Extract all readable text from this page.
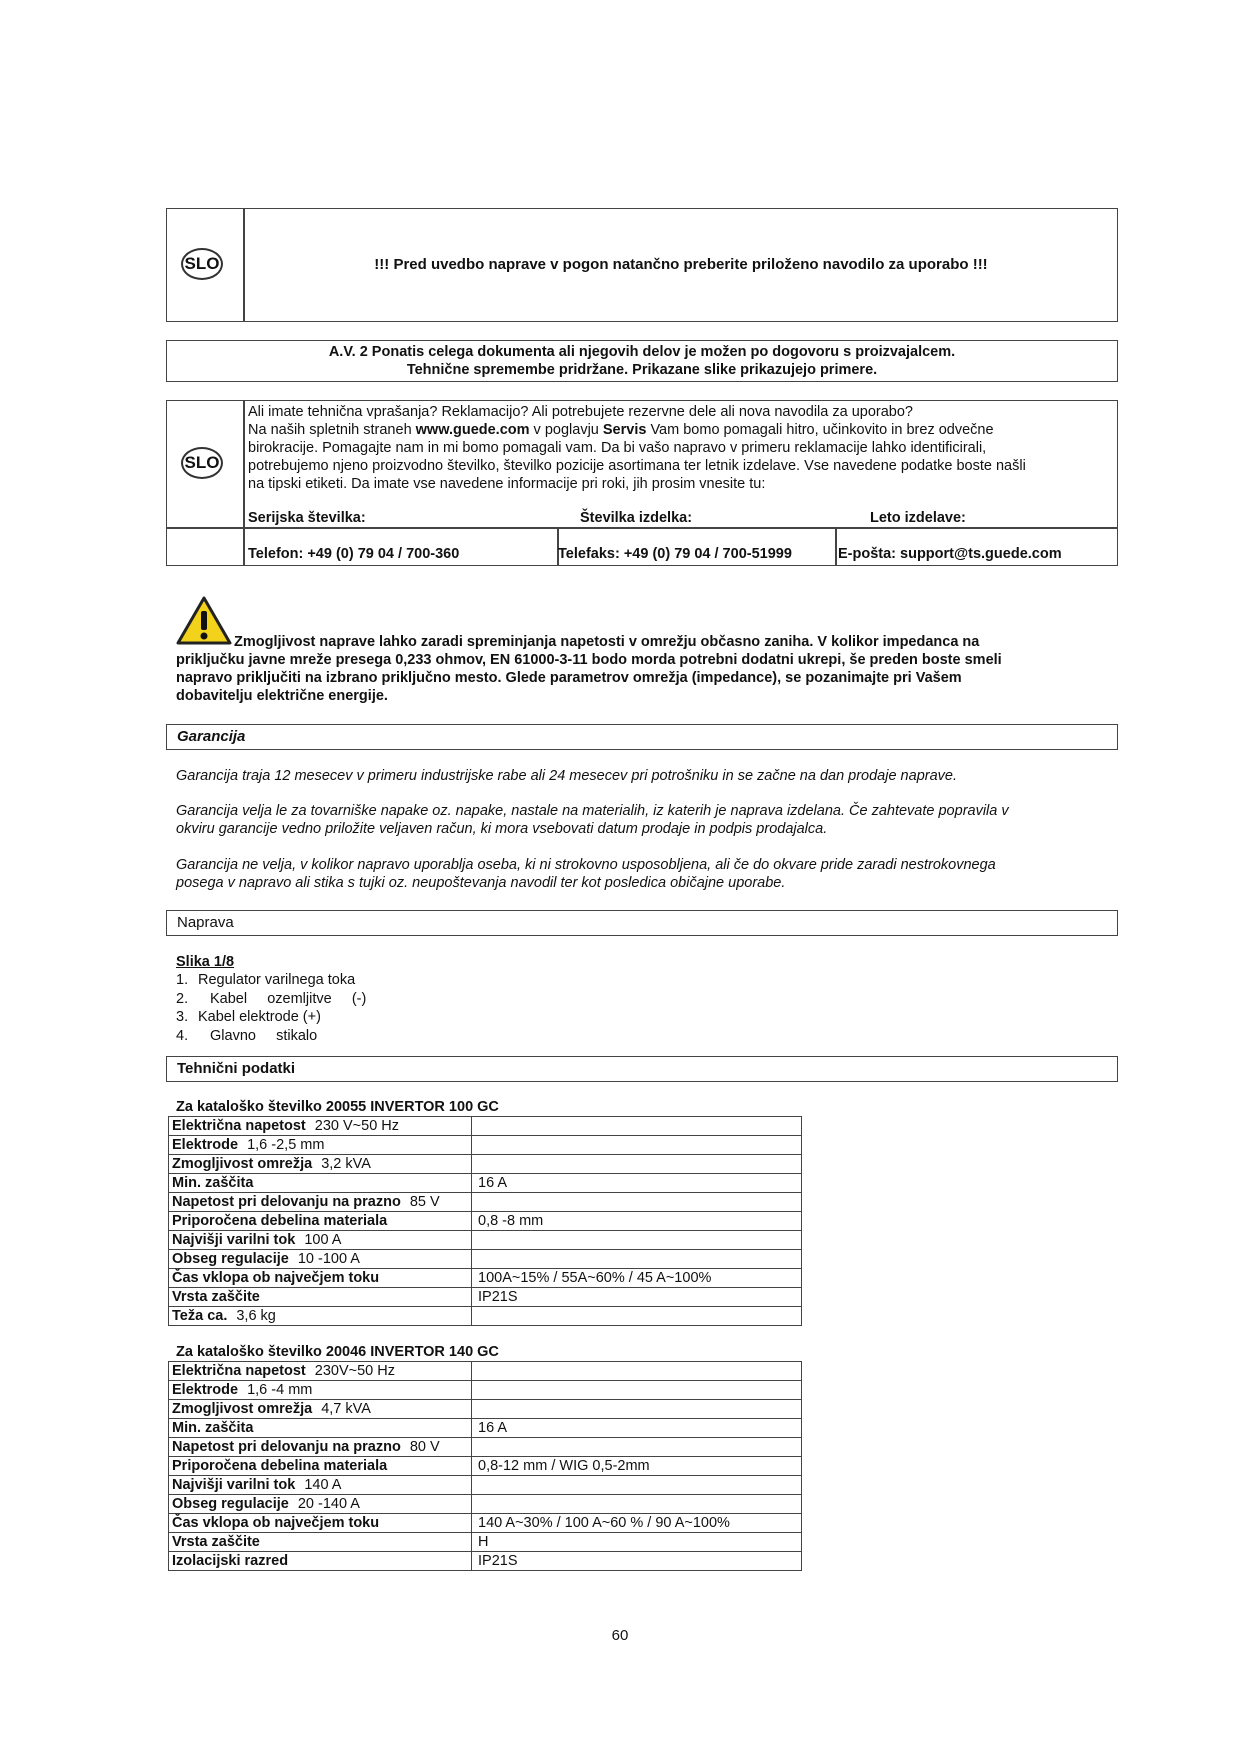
SLO	!!! Pred uvedbo naprave v pogon natančno preberite priloženo navodilo za uporabo !!!
A.V. 2 Ponatis celega dokumenta ali njegovih delov je možen po dogovoru s proizvajalcem.
Tehnične spremembe pridržane. Prikazane slike prikazujejo primere.
SLO
Ali imate tehnična vprašanja? Reklamacijo? Ali potrebujete rezervne dele ali nova navodila za uporabo?
Na naših spletnih straneh www.guede.com v poglavju Servis Vam bomo pomagali hitro, učinkovito in brez odvečne
birokracije. Pomagajte nam in mi bomo pomagali vam. Da bi vašo napravo v primeru reklamacije lahko identificirali,
potrebujemo njeno proizvodno številko, številko pozicije asortimana ter letnik izdelave. Vse navedene podatke boste našli
na tipski etiketi. Da imate vse navedene informacije pri roki, jih prosim vnesite tu:
Serijska številka:	Številka izdelka:	Leto izdelave:
Telefon: +49 (0) 79 04 / 700-360	Telefaks: +49 (0) 79 04 / 700-51999	E-pošta: support@ts.guede.com
Zmogljivost naprave lahko zaradi spreminjanja napetosti v omrežju občasno zaniha. V kolikor impedanca na
priključku javne mreže presega 0,233 ohmov, EN 61000-3-11 bodo morda potrebni dodatni ukrepi, še preden boste smeli
napravo priključiti na izbrano priključno mesto. Glede parametrov omrežja (impedance), se pozanimajte pri Vašem
dobavitelju električne energije.
Garancija
Garancija traja 12 mesecev v primeru industrijske rabe ali 24 mesecev pri potrošniku in se začne na dan prodaje naprave.
Garancija velja le za tovarniške napake oz. napake, nastale na materialih, iz katerih je naprava izdelana. Če zahtevate popravila v
okviru garancije vedno priložite veljaven račun, ki mora vsebovati datum prodaje in podpis prodajalca.
Garancija ne velja, v kolikor napravo uporablja oseba, ki ni strokovno usposobljena, ali če do okvare pride zaradi nestrokovnega
posega v napravo ali stika s tujki oz. neupoštevanja navodil ter kot posledica običajne uporabe.
Naprava
Slika 1/8
1. Regulator varilnega toka
2. Kabel     ozemljitve     (-)
3. Kabel elektrode (+)
4. Glavno     stikalo
Tehnični podatki
Za kataloško številko 20055 INVERTOR 100 GC
Električna napetost 230 V~50 Hz	
Elektrode 1,6 -2,5 mm	
Zmogljivost omrežja 3,2 kVA	
Min. zaščita	16 A
Napetost pri delovanju na prazno 85 V	
Priporočena debelina materiala	0,8 -8 mm
Najvišji varilni tok 100 A	
Obseg regulacije 10 -100 A	
Čas vklopa ob največjem toku	100A~15% / 55A~60% / 45 A~100%
Vrsta zaščite	IP21S
Teža ca. 3,6 kg	
Za kataloško številko 20046 INVERTOR 140 GC
Električna napetost 230V~50 Hz	
Elektrode 1,6 -4 mm	
Zmogljivost omrežja 4,7 kVA	
Min. zaščita	16 A
Napetost pri delovanju na prazno 80 V	
Priporočena debelina materiala	0,8-12 mm / WIG 0,5-2mm
Najvišji varilni tok 140 A	
Obseg regulacije 20 -140 A	
Čas vklopa ob največjem toku	140 A~30% / 100 A~60 % / 90 A~100%
Vrsta zaščite	H
Izolacijski razred	IP21S
60
